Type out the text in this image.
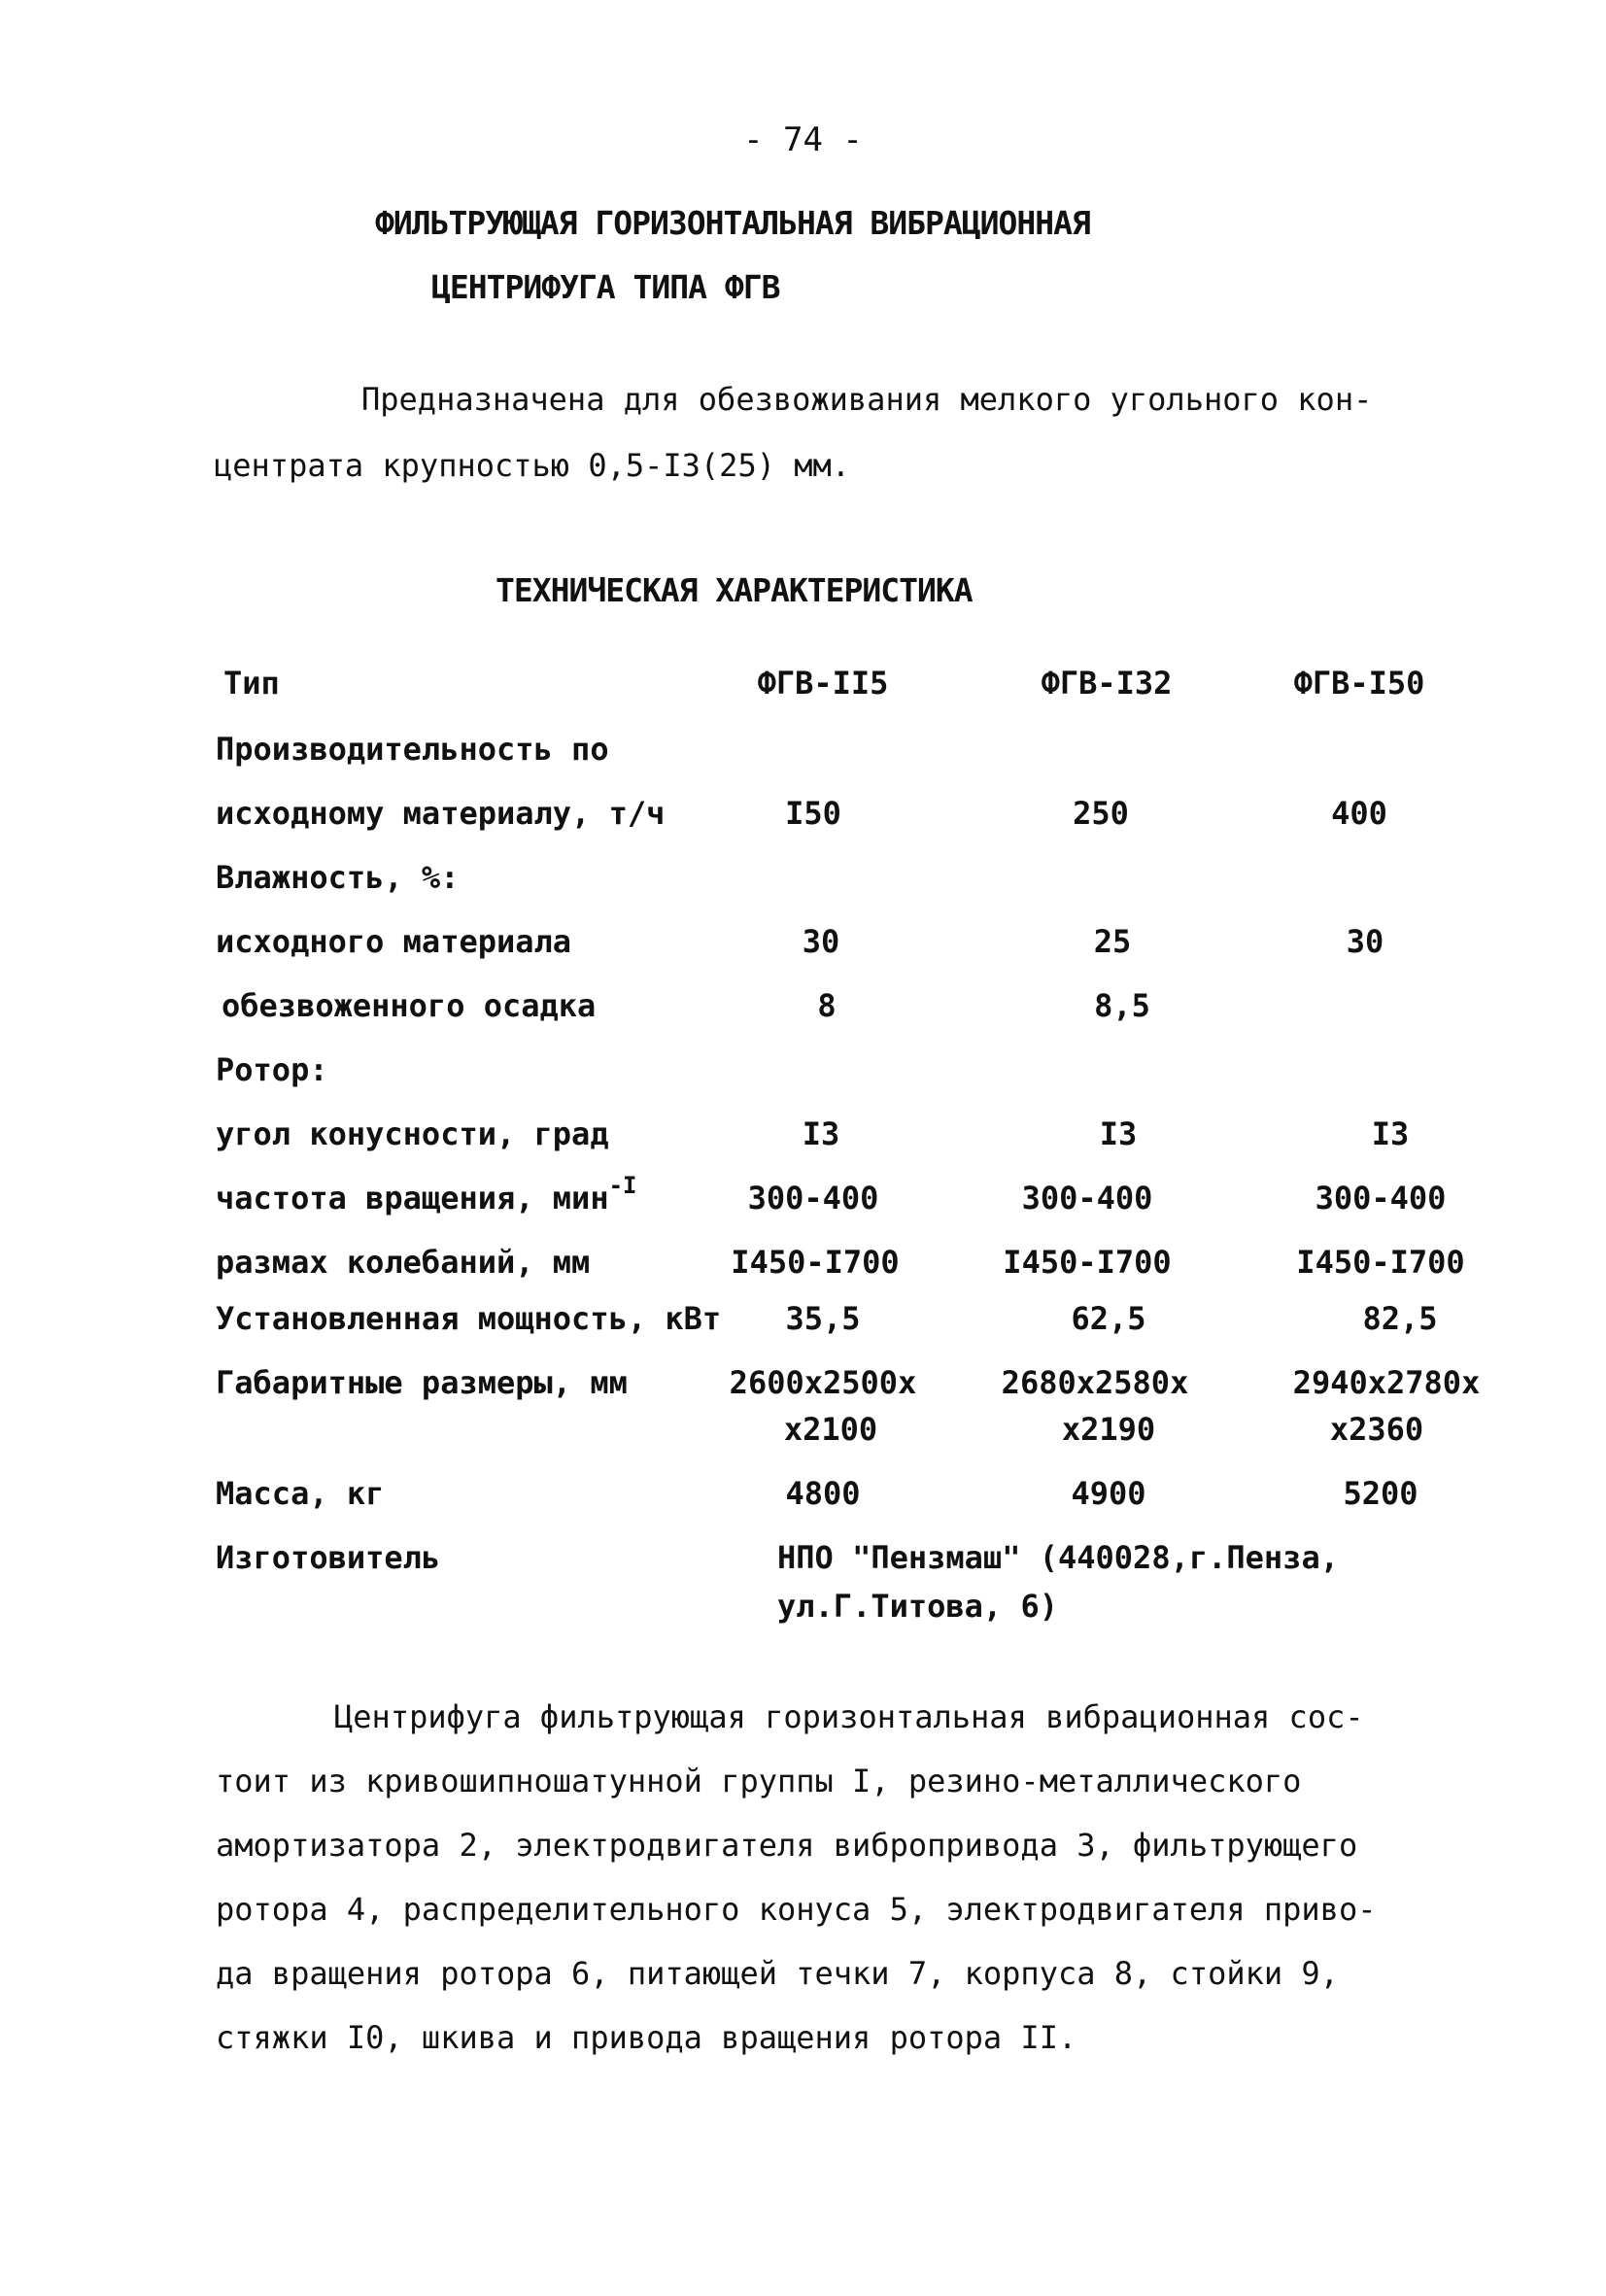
- 74 -
ФИЛЬТРУЮЩАЯ ГОРИЗОНТАЛЬНАЯ ВИБРАЦИОННАЯ
ЦЕНТРИФУГА ТИПА ФГВ
Предназначена для обезвоживания мелкого угольного кон-
центрата крупностью 0,5-I3(25) мм.
ТЕХНИЧЕСКАЯ ХАРАКТЕРИСТИКА
Тип	ФГВ-II5	ФГВ-I32	ФГВ-I50
Производительность по
исходному материалу, т/ч	I50	250	400
Влажность, %:
исходного материала	30	25	30
обезвоженного осадка	8	8,5
Ротор:
угол конусности, град	I3	I3	I3
частота вращения, мин$^{-I}$	300-400	300-400	300-400
размах колебаний, мм	I450-I700	I450-I700	I450-I700
Установленная мощность, кВт	35,5	62,5	82,5
Габаритные размеры, мм	2600x2500x	2680x2580x	2940x2780x
x2100	x2190	x2360
Масса, кг	4800	4900	5200
Изготовитель	НПО "Пензмаш" (440028,г.Пенза,
ул.Г.Титова, 6)
Центрифуга фильтрующая горизонтальная вибрационная сос-
тоит из кривошипношатунной группы I, резино-металлического
амортизатора 2, электродвигателя вибропривода 3, фильтрующего
ротора 4, распределительного конуса 5, электродвигателя приво-
да вращения ротора 6, питающей течки 7, корпуса 8, стойки 9,
стяжки I0, шкива и привода вращения ротора II.
